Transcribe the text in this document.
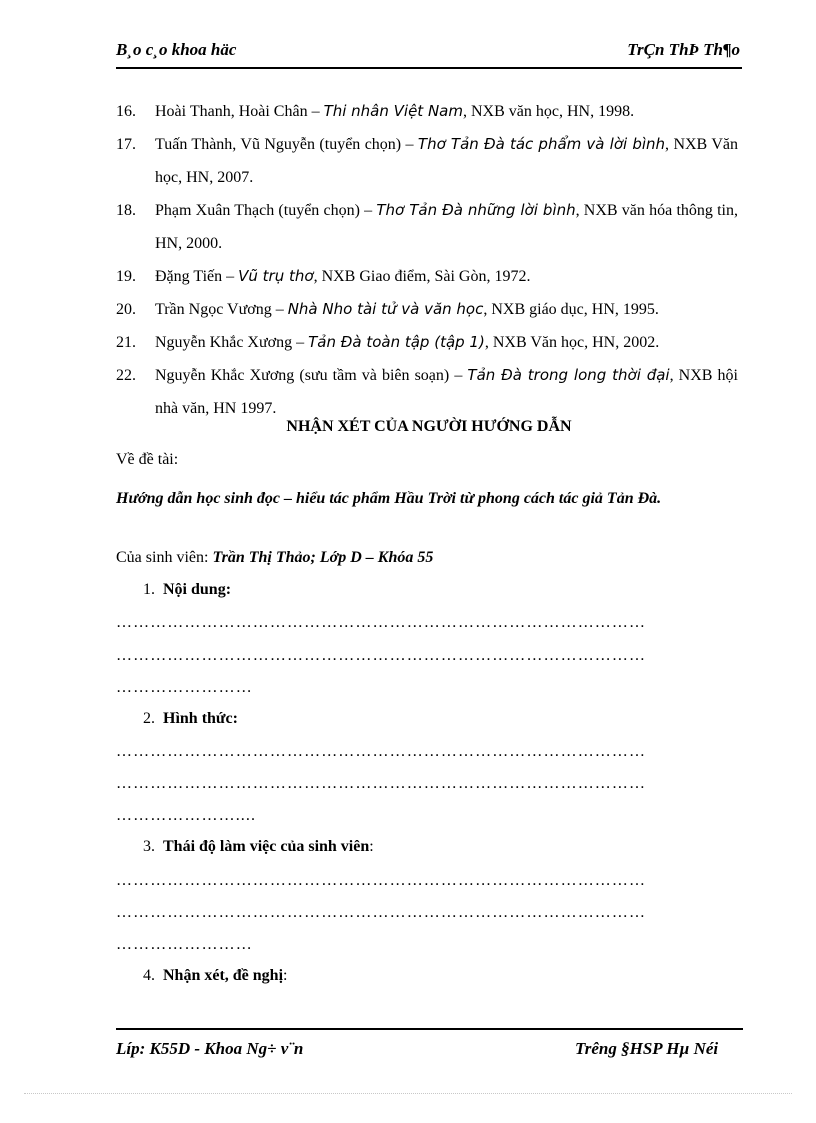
B¸o c¸o khoa häc	TrÇn ThÞ Th¶o
16. Hoài Thanh, Hoài Chân – Thi nhân Việt Nam, NXB văn học, HN, 1998.
17. Tuấn Thành, Vũ Nguyễn (tuyển chọn) – Thơ Tản Đà tác phẩm và lời bình, NXB Văn học, HN, 2007.
18. Phạm Xuân Thạch (tuyển chọn) – Thơ Tản Đà những lời bình, NXB văn hóa thông tin, HN, 2000.
19. Đặng Tiến – Vũ trụ thơ, NXB Giao điểm, Sài Gòn, 1972.
20. Trần Ngọc Vương – Nhà Nho tài tử và văn học, NXB giáo dục, HN, 1995.
21. Nguyễn Khắc Xương – Tản Đà toàn tập (tập 1), NXB Văn học, HN, 2002.
22. Nguyễn Khắc Xương (sưu tầm và biên soạn) – Tản Đà trong long thời đại, NXB hội nhà văn, HN 1997.
NHẬN XÉT CỦA NGƯỜI HƯỚNG DẪN
Về đề tài:
Hướng dẫn học sinh đọc – hiểu tác phẩm Hầu Trời từ phong cách tác giả Tản Đà.
Của sinh viên: Trần Thị Thảo; Lớp D – Khóa 55
1. Nội dung:
…………………………………………………………………………………
…………………………………………………………………………………
……………………
2. Hình thức:
…………………………………………………………………………………
…………………………………………………………………………………
…………………....
3. Thái độ làm việc của sinh viên:
…………………………………………………………………………………
…………………………………………………………………………………
……………………
4. Nhận xét, đề nghị:
Líp: K55D - Khoa Ng÷ v¨n	Trêng §HSP Hµ Néi
